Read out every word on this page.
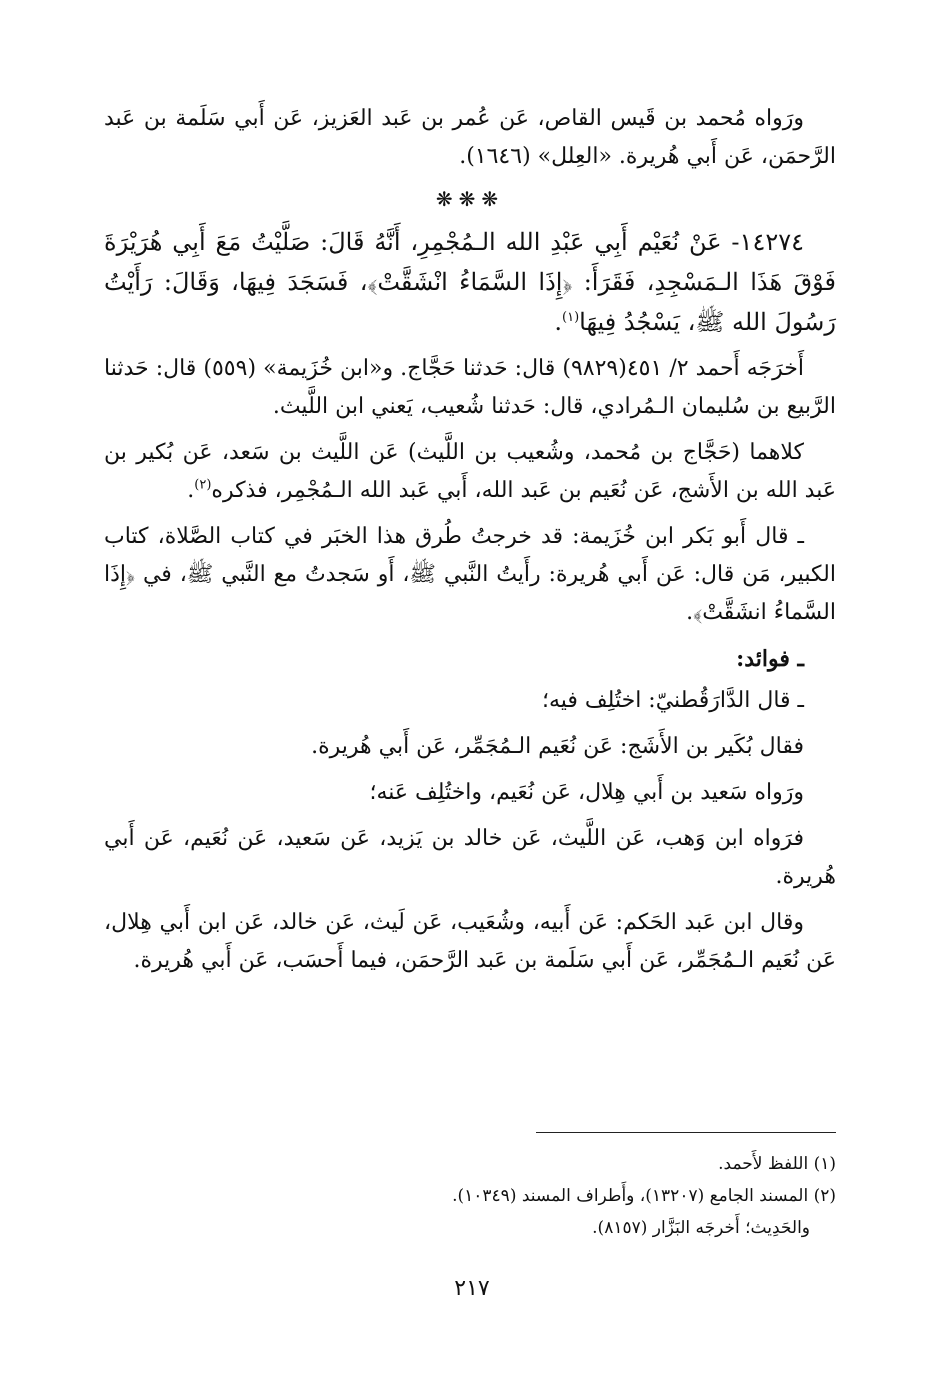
ورَواه مُحمد بن قَيس القاص، عَن عُمر بن عَبد العَزيز، عَن أَبي سَلَمة بن عَبد الرَّحمَن، عَن أَبي هُريرة. «العِلل» (١٦٤٦).

❋❋❋

١٤٢٧٤- عَنْ نُعَيْم أَبِي عَبْدِ الله الـمُجْمِرِ، أَنَّهُ قَالَ: صَلَّيْتُ مَعَ أَبِي هُرَيْرَةَ فَوْقَ هَذَا الـمَسْجِدِ، فَقَرَأَ: ﴿إِذَا السَّمَاءُ انْشَقَّتْ﴾، فَسَجَدَ فِيهَا، وَقَالَ: رَأَيْتُ رَسُولَ الله ﷺ، يَسْجُدُ فِيهَا$^{(١)}$.

أَخرَجَه أَحمد ٢/ ٤٥١(٩٨٢٩) قال: حَدثنا حَجَّاج. و«ابن خُزَيمة» (٥٥٩) قال: حَدثنا الرَّبيع بن سُليمان الـمُرادي، قال: حَدثنا شُعيب، يَعني ابن اللَّيث.

كلاهما (حَجَّاج بن مُحمد، وشُعيب بن اللَّيث) عَن اللَّيث بن سَعد، عَن بُكير بن عَبد الله بن الأَشج، عَن نُعَيم بن عَبد الله، أَبي عَبد الله الـمُجْمِر، فذكره$^{(٢)}$.

ـ قال أَبو بَكر ابن خُزَيمة: قد خرجتُ طُرق هذا الخبَر في كتاب الصَّلاة، كتاب الكبير، مَن قال: عَن أَبي هُريرة: رأَيتُ النَّبي ﷺ، أَو سَجدتُ مع النَّبي ﷺ، في ﴿إِذَا السَّماءُ انشَقَّتْ﴾.

ـ فوائد:

ـ قال الدَّارَقُطنيّ: اختُلِف فيه؛

فقال بُكَير بن الأَشَج: عَن نُعَيم الـمُجَمِّر، عَن أَبي هُريرة.

ورَواه سَعيد بن أَبي هِلال، عَن نُعَيم، واختُلِف عَنه؛

فرَواه ابن وَهب، عَن اللَّيث، عَن خالد بن يَزيد، عَن سَعيد، عَن نُعَيم، عَن أَبي هُريرة.

وقال ابن عَبد الحَكم: عَن أَبيه، وشُعَيب، عَن لَيث، عَن خالد، عَن ابن أَبي هِلال، عَن نُعَيم الـمُجَمِّر، عَن أَبي سَلَمة بن عَبد الرَّحمَن، فيما أَحسَب، عَن أَبي هُريرة.

(١) اللفظ لأَحمد.
(٢) المسند الجامع (١٣٢٠٧)، وأَطراف المسند (١٠٣٤٩).
والحَدِيث؛ أَخرجَه البَزَّار (٨١٥٧).
٢١٧
